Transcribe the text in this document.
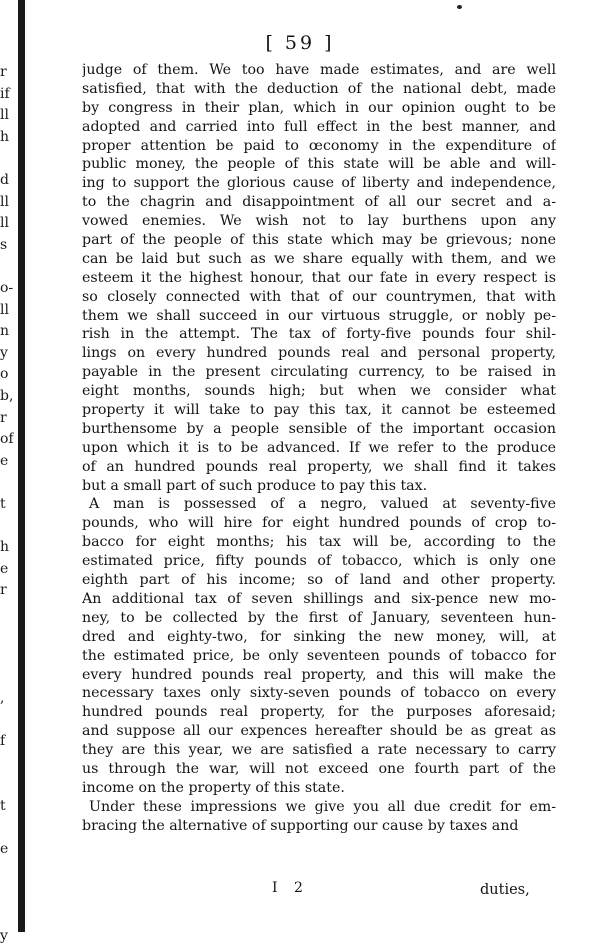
r
if
ll
h
d
ll
ll
s
o-
ll
n
y
o
b,
r
of
e
t
h
e
r
,
f
t
e
y
[ 59 ]
judge of them. We too have made estimates, and are well
satisfied, that with the deduction of the national debt, made
by congress in their plan, which in our opinion ought to be
adopted and carried into full effect in the best manner, and
proper attention be paid to œconomy in the expenditure of
public money, the people of this state will be able and will-
ing to support the glorious cause of liberty and independence,
to the chagrin and disappointment of all our secret and a-
vowed enemies. We wish not to lay burthens upon any
part of the people of this state which may be grievous; none
can be laid but such as we share equally with them, and we
esteem it the highest honour, that our fate in every respect is
so closely connected with that of our countrymen, that with
them we shall succeed in our virtuous struggle, or nobly pe-
rish in the attempt. The tax of forty-five pounds four shil-
lings on every hundred pounds real and personal property,
payable in the present circulating currency, to be raised in
eight months, sounds high; but when we consider what
property it will take to pay this tax, it cannot be esteemed
burthensome by a people sensible of the important occasion
upon which it is to be advanced. If we refer to the produce
of an hundred pounds real property, we shall find it takes
but a small part of such produce to pay this tax.
A man is possessed of a negro, valued at seventy-five
pounds, who will hire for eight hundred pounds of crop to-
bacco for eight months; his tax will be, according to the
estimated price, fifty pounds of tobacco, which is only one
eighth part of his income; so of land and other property.
An additional tax of seven shillings and six-pence new mo-
ney, to be collected by the first of January, seventeen hun-
dred and eighty-two, for sinking the new money, will, at
the estimated price, be only seventeen pounds of tobacco for
every hundred pounds real property, and this will make the
necessary taxes only sixty-seven pounds of tobacco on every
hundred pounds real property, for the purposes aforesaid;
and suppose all our expences hereafter should be as great as
they are this year, we are satisfied a rate necessary to carry
us through the war, will not exceed one fourth part of the
income on the property of this state.
Under these impressions we give you all due credit for em-
bracing the alternative of supporting our cause by taxes and
I 2	duties,
